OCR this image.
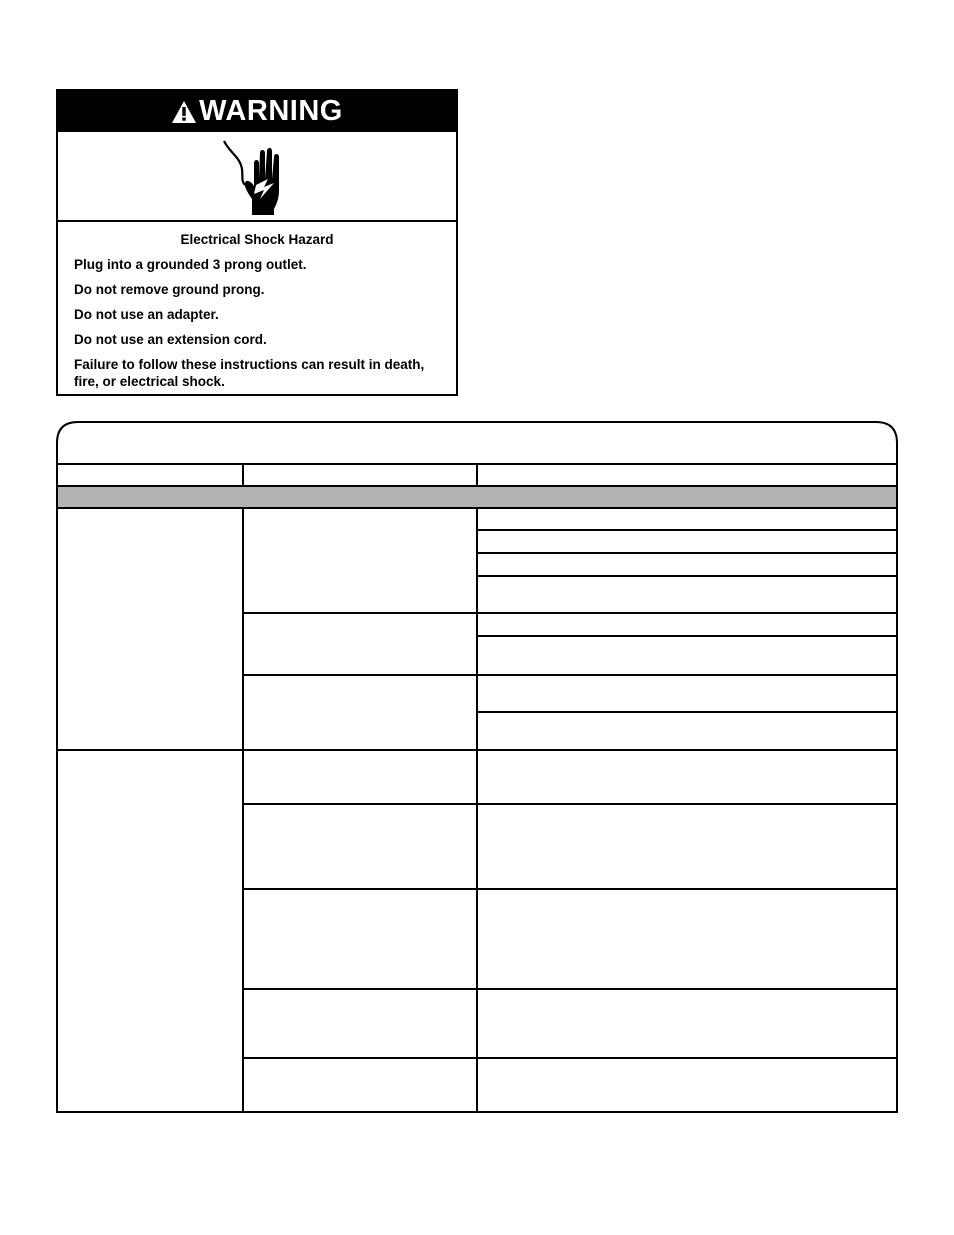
WARNING
Electrical Shock Hazard
Plug into a grounded 3 prong outlet.
Do not remove ground prong.
Do not use an adapter.
Do not use an extension cord.
Failure to follow these instructions can result in death,
fire, or electrical shock.
